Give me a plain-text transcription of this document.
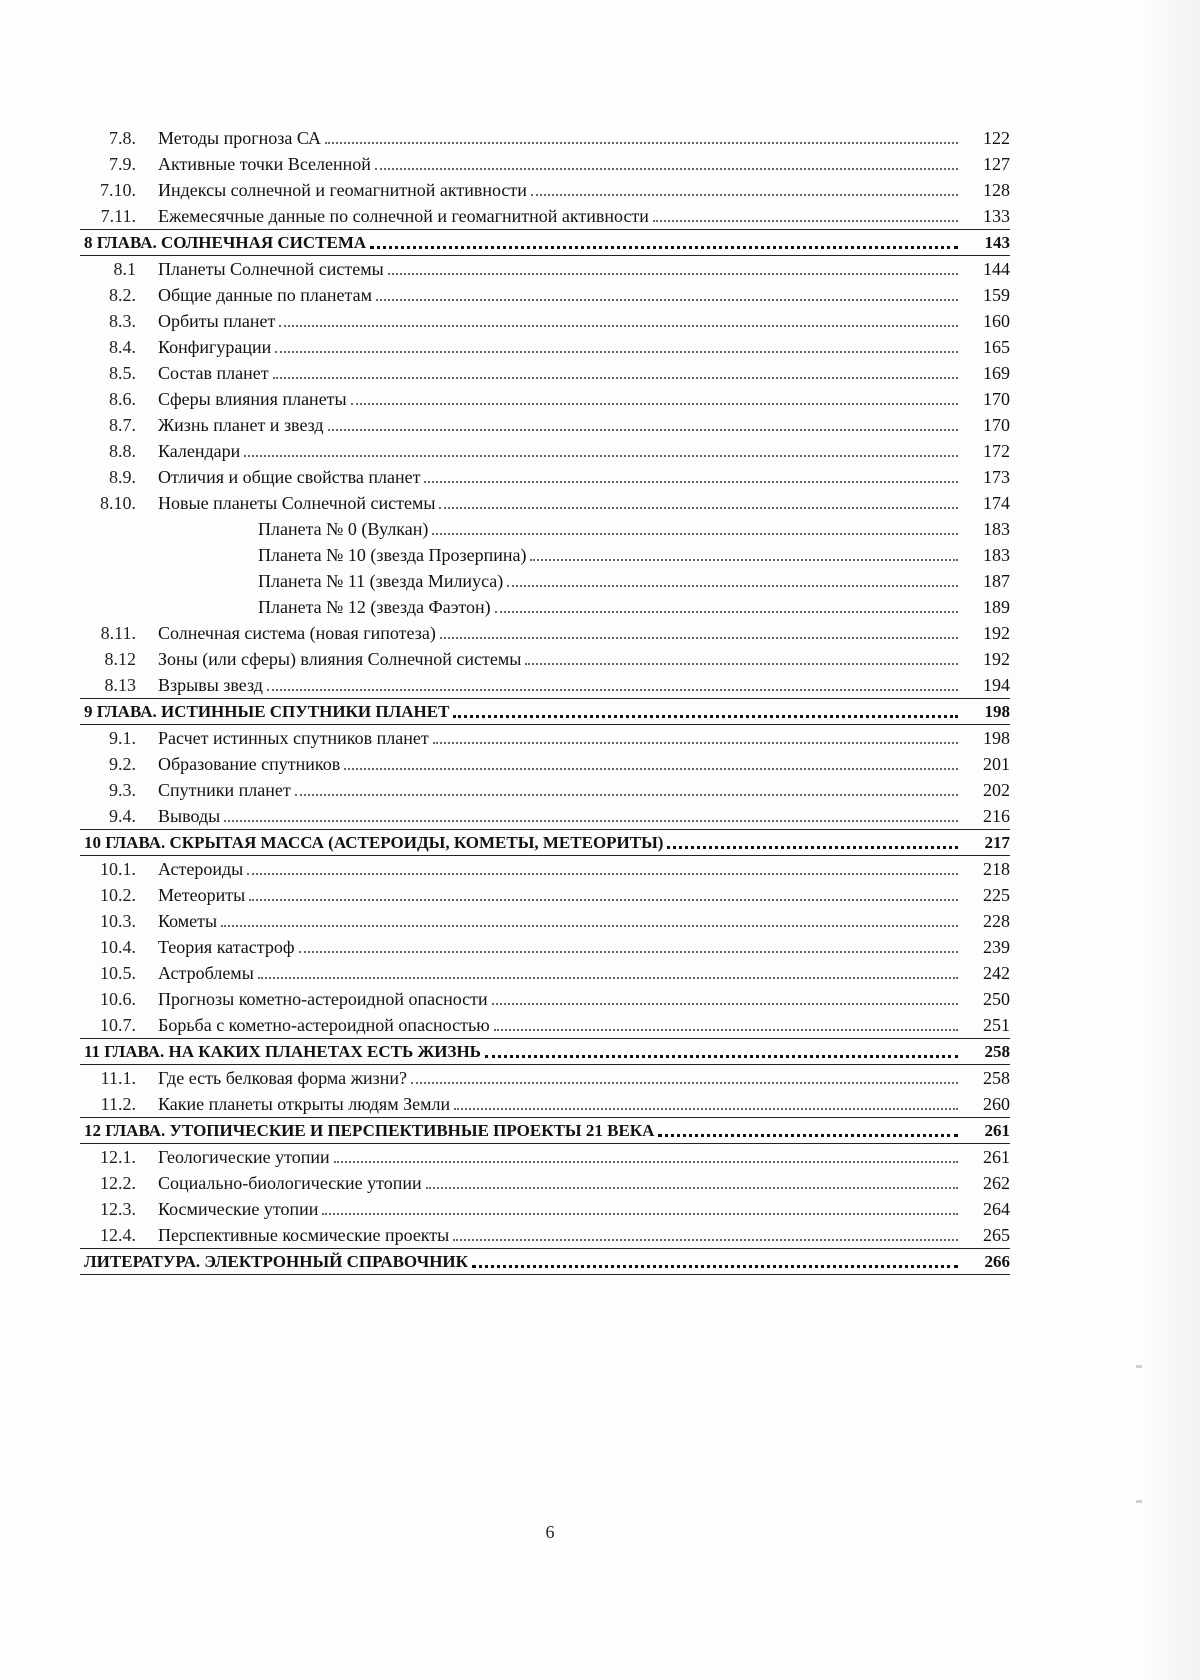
7.8.	Методы прогноза СА	122
7.9.	Активные точки Вселенной	127
7.10.	Индексы солнечной и геомагнитной активности	128
7.11.	Ежемесячные данные по солнечной и геомагнитной активности	133
8 ГЛАВА. СОЛНЕЧНАЯ СИСТЕМА	143
8.1	Планеты Солнечной системы	144
8.2.	Общие данные по планетам	159
8.3.	Орбиты планет	160
8.4.	Конфигурации	165
8.5.	Состав планет	169
8.6.	Сферы влияния планеты	170
8.7.	Жизнь планет и звезд	170
8.8.	Календари	172
8.9.	Отличия и общие свойства планет	173
8.10.	Новые планеты Солнечной системы	174
Планета № 0 (Вулкан)	183
Планета № 10 (звезда Прозерпина)	183
Планета № 11 (звезда Милиуса)	187
Планета № 12 (звезда Фаэтон)	189
8.11.	Солнечная система (новая гипотеза)	192
8.12	Зоны (или сферы) влияния Солнечной системы	192
8.13	Взрывы звезд	194
9 ГЛАВА. ИСТИННЫЕ СПУТНИКИ ПЛАНЕТ	198
9.1.	Расчет истинных спутников планет	198
9.2.	Образование спутников	201
9.3.	Спутники планет	202
9.4.	Выводы	216
10 ГЛАВА. СКРЫТАЯ МАССА (АСТЕРОИДЫ, КОМЕТЫ, МЕТЕОРИТЫ)	217
10.1.	Астероиды	218
10.2.	Метеориты	225
10.3.	Кометы	228
10.4.	Теория катастроф	239
10.5.	Астроблемы	242
10.6.	Прогнозы кометно-астероидной опасности	250
10.7.	Борьба с кометно-астероидной опасностью	251
11 ГЛАВА. НА КАКИХ ПЛАНЕТАХ ЕСТЬ ЖИЗНЬ	258
11.1.	Где есть белковая форма жизни?	258
11.2.	Какие планеты открыты людям Земли	260
12 ГЛАВА. УТОПИЧЕСКИЕ И ПЕРСПЕКТИВНЫЕ ПРОЕКТЫ 21 ВЕКА	261
12.1.	Геологические утопии	261
12.2.	Социально-биологические утопии	262
12.3.	Космические утопии	264
12.4.	Перспективные космические проекты	265
ЛИТЕРАТУРА. ЭЛЕКТРОННЫЙ СПРАВОЧНИК	266
6
